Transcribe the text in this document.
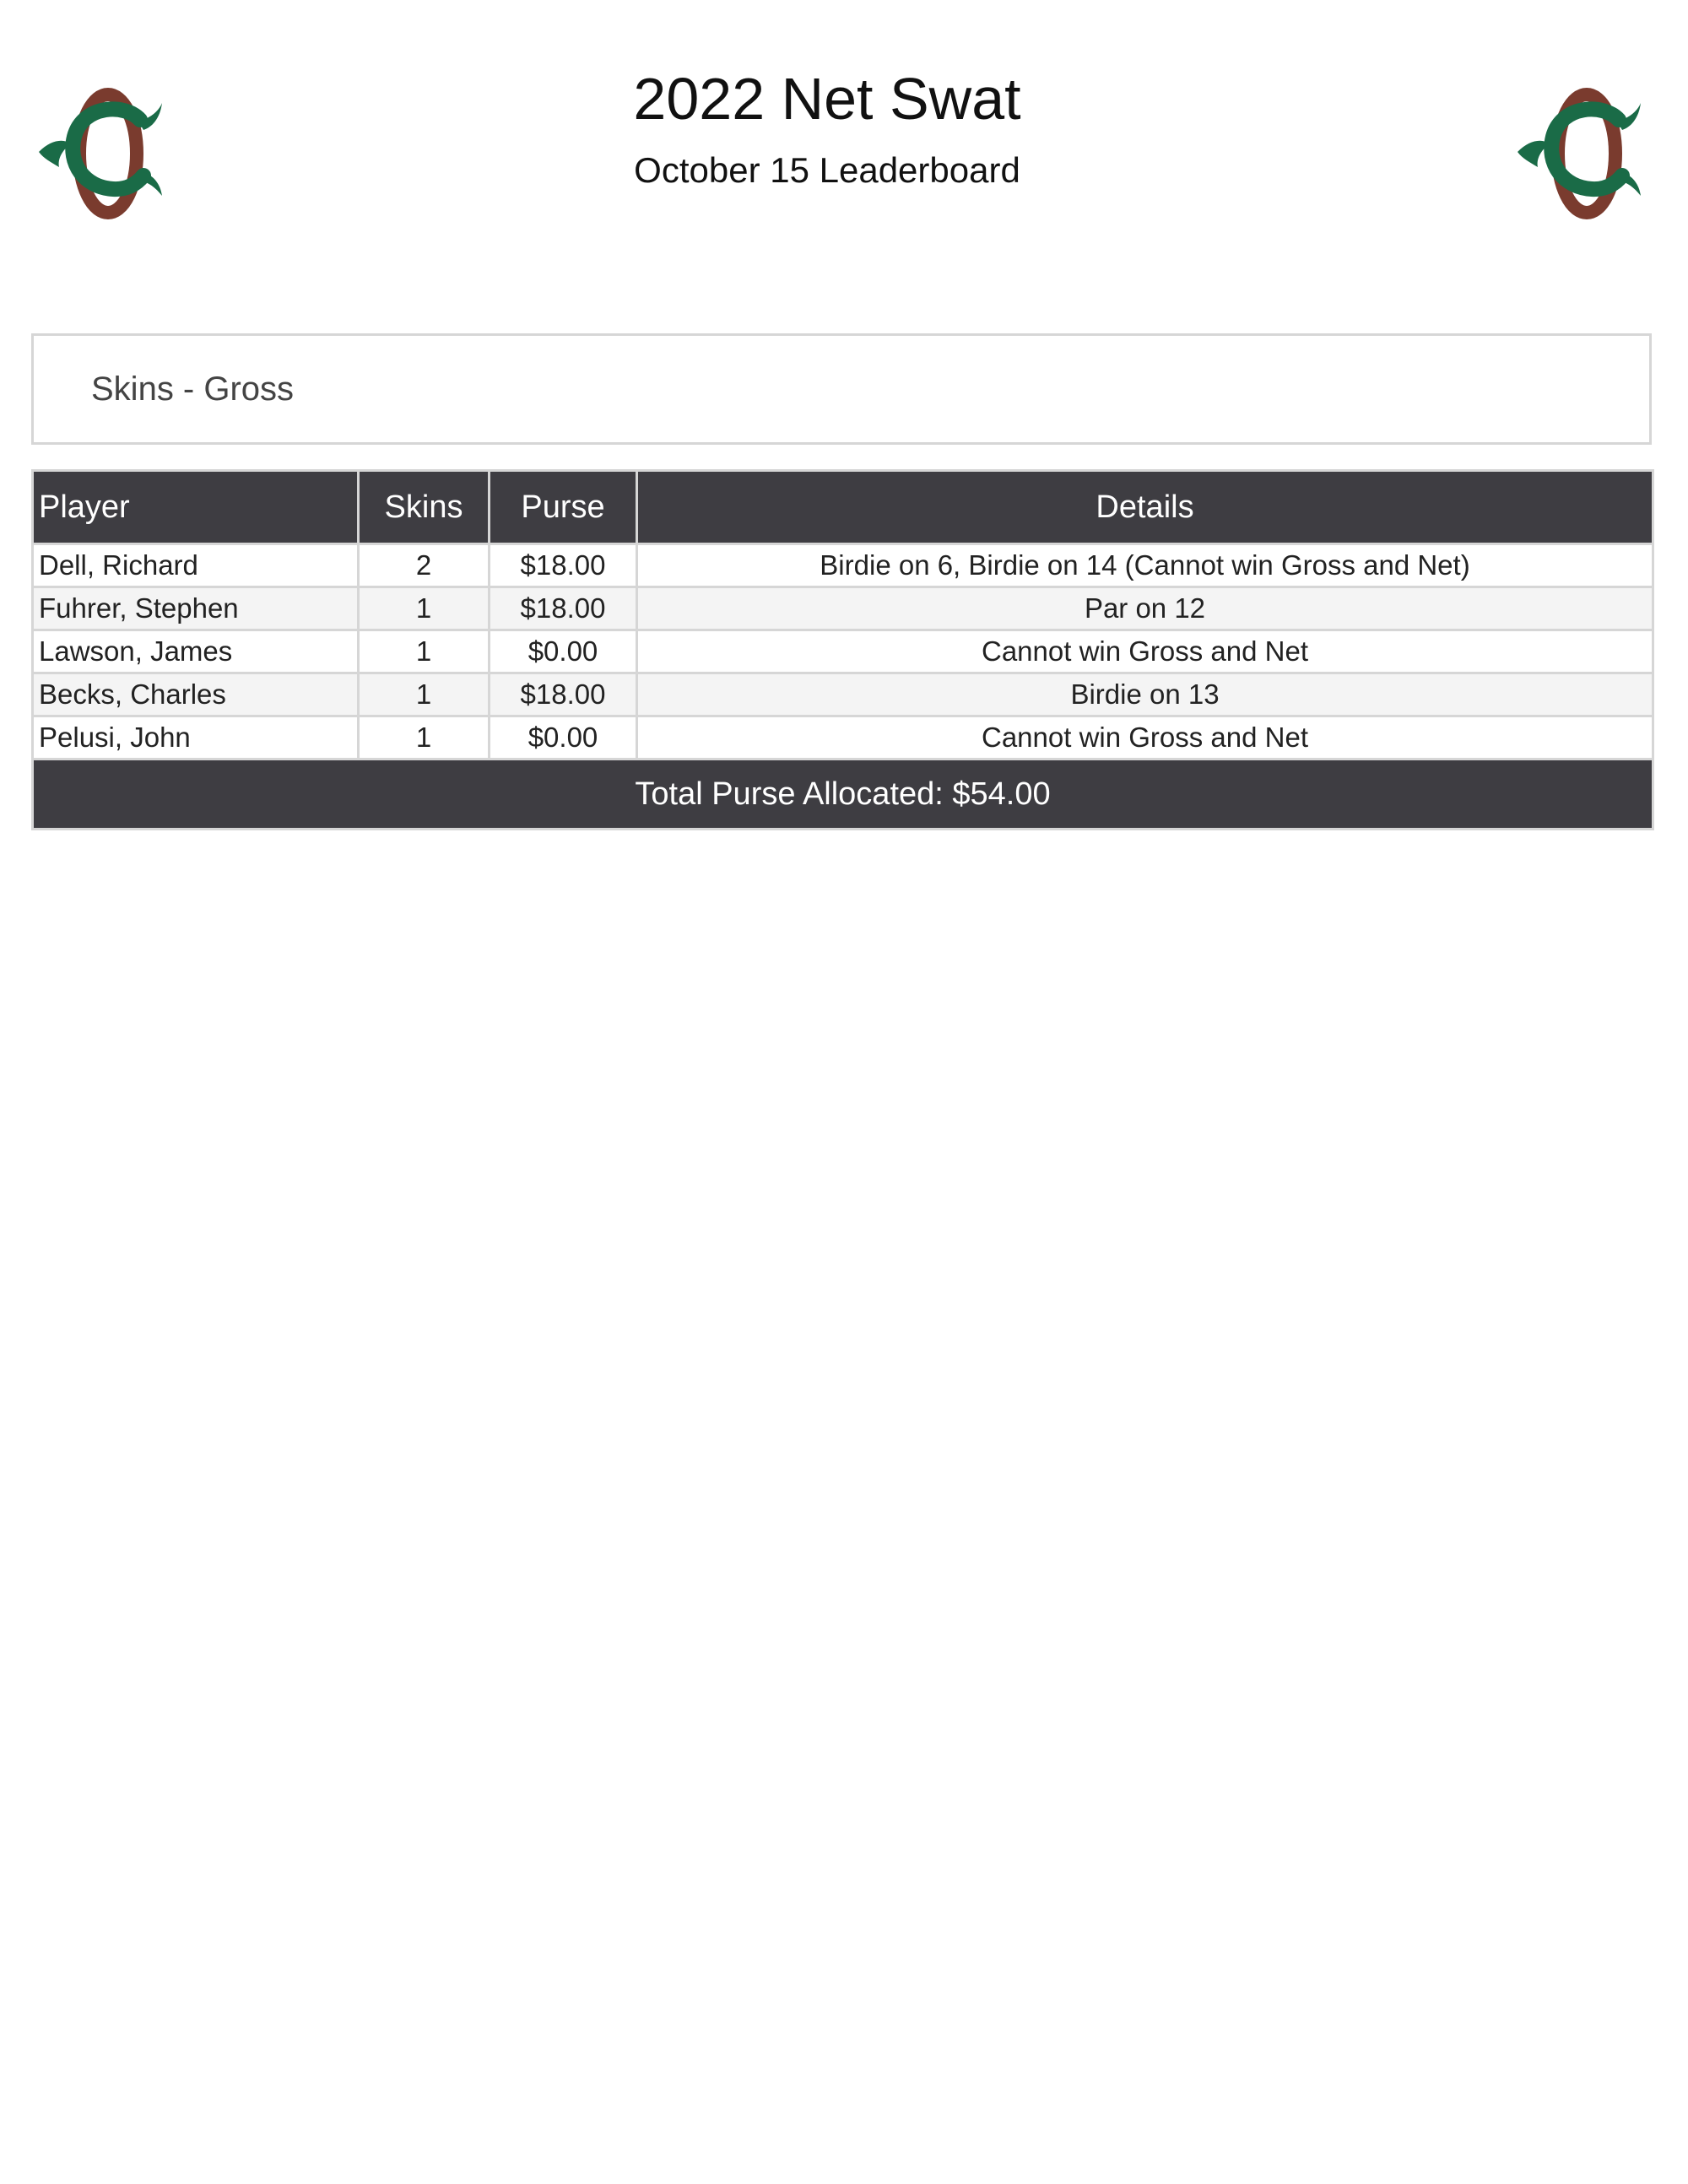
2022 Net Swat
October 15 Leaderboard
Skins - Gross
Player	Skins	Purse	Details
Dell, Richard	2	$18.00	Birdie on 6, Birdie on 14 (Cannot win Gross and Net)
Fuhrer, Stephen	1	$18.00	Par on 12
Lawson, James	1	$0.00	Cannot win Gross and Net
Becks, Charles	1	$18.00	Birdie on 13
Pelusi, John	1	$0.00	Cannot win Gross and Net
Total Purse Allocated: $54.00			
